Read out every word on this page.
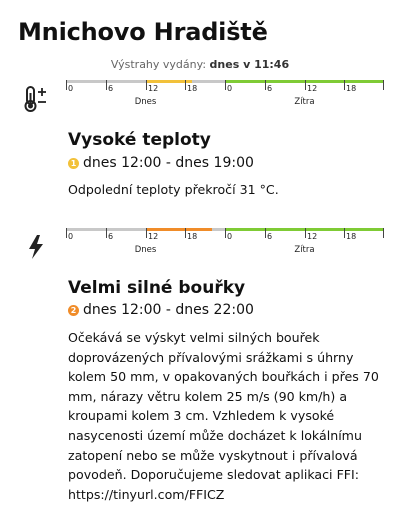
Mnichovo Hradiště
Výstrahy vydány: dnes v 11:46
0	6	12	18	0	6	12	18
Dnes	Zítra
Vysoké teploty
1 dnes 12:00 - dnes 19:00
Odpolední teploty překročí 31 °C.
0	6	12	18	0	6	12	18
Dnes	Zítra
Velmi silné bouřky
2 dnes 12:00 - dnes 22:00
Očekává se výskyt velmi silných bouřek doprovázených přívalovými srážkami s úhrny kolem 50 mm, v opakovaných bouřkách i přes 70 mm, nárazy větru kolem 25 m/s (90 km/h) a kroupami kolem 3 cm. Vzhledem k vysoké nasycenosti území může docházet k lokálnímu zatopení nebo se může vyskytnout i přívalová povodeň. Doporučujeme sledovat aplikaci FFI: https://tinyurl.com/FFICZ
